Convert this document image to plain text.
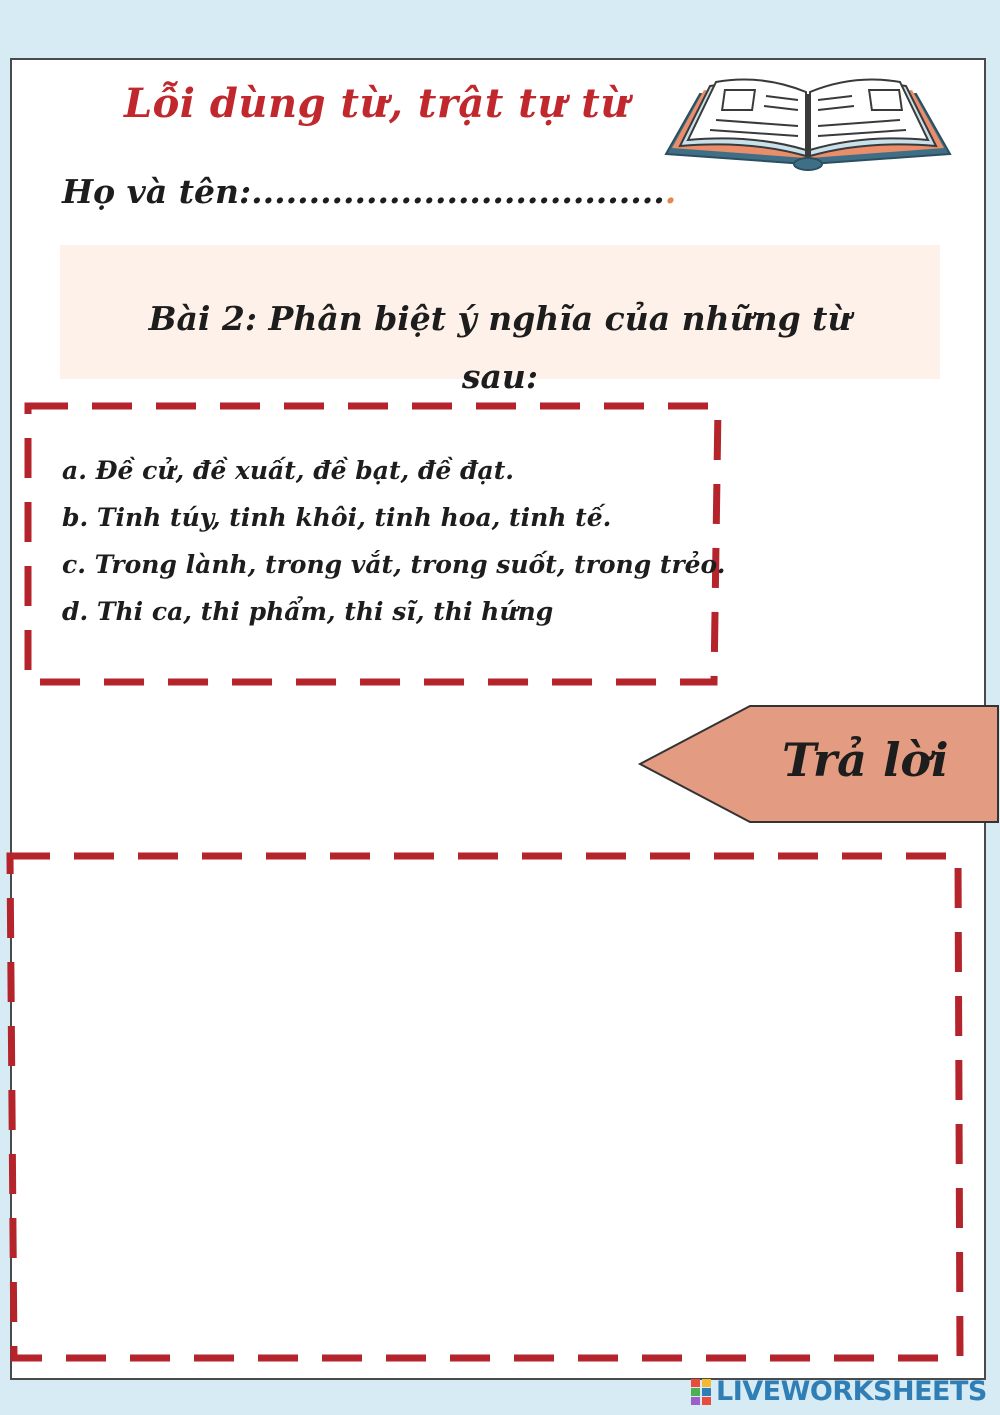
Lỗi dùng từ, trật tự từ
Họ và tên:.....................................
Bài 2: Phân biệt ý nghĩa của những từ
sau:
a. Đề cử, đề xuất, đề bạt, đề đạt.
b. Tinh túy, tinh khôi, tinh hoa, tinh tế.
c. Trong lành, trong vắt, trong suốt, trong trẻo.
d. Thi ca, thi phẩm, thi sĩ, thi hứng
Trả lời
LIVEWORKSHEETS
